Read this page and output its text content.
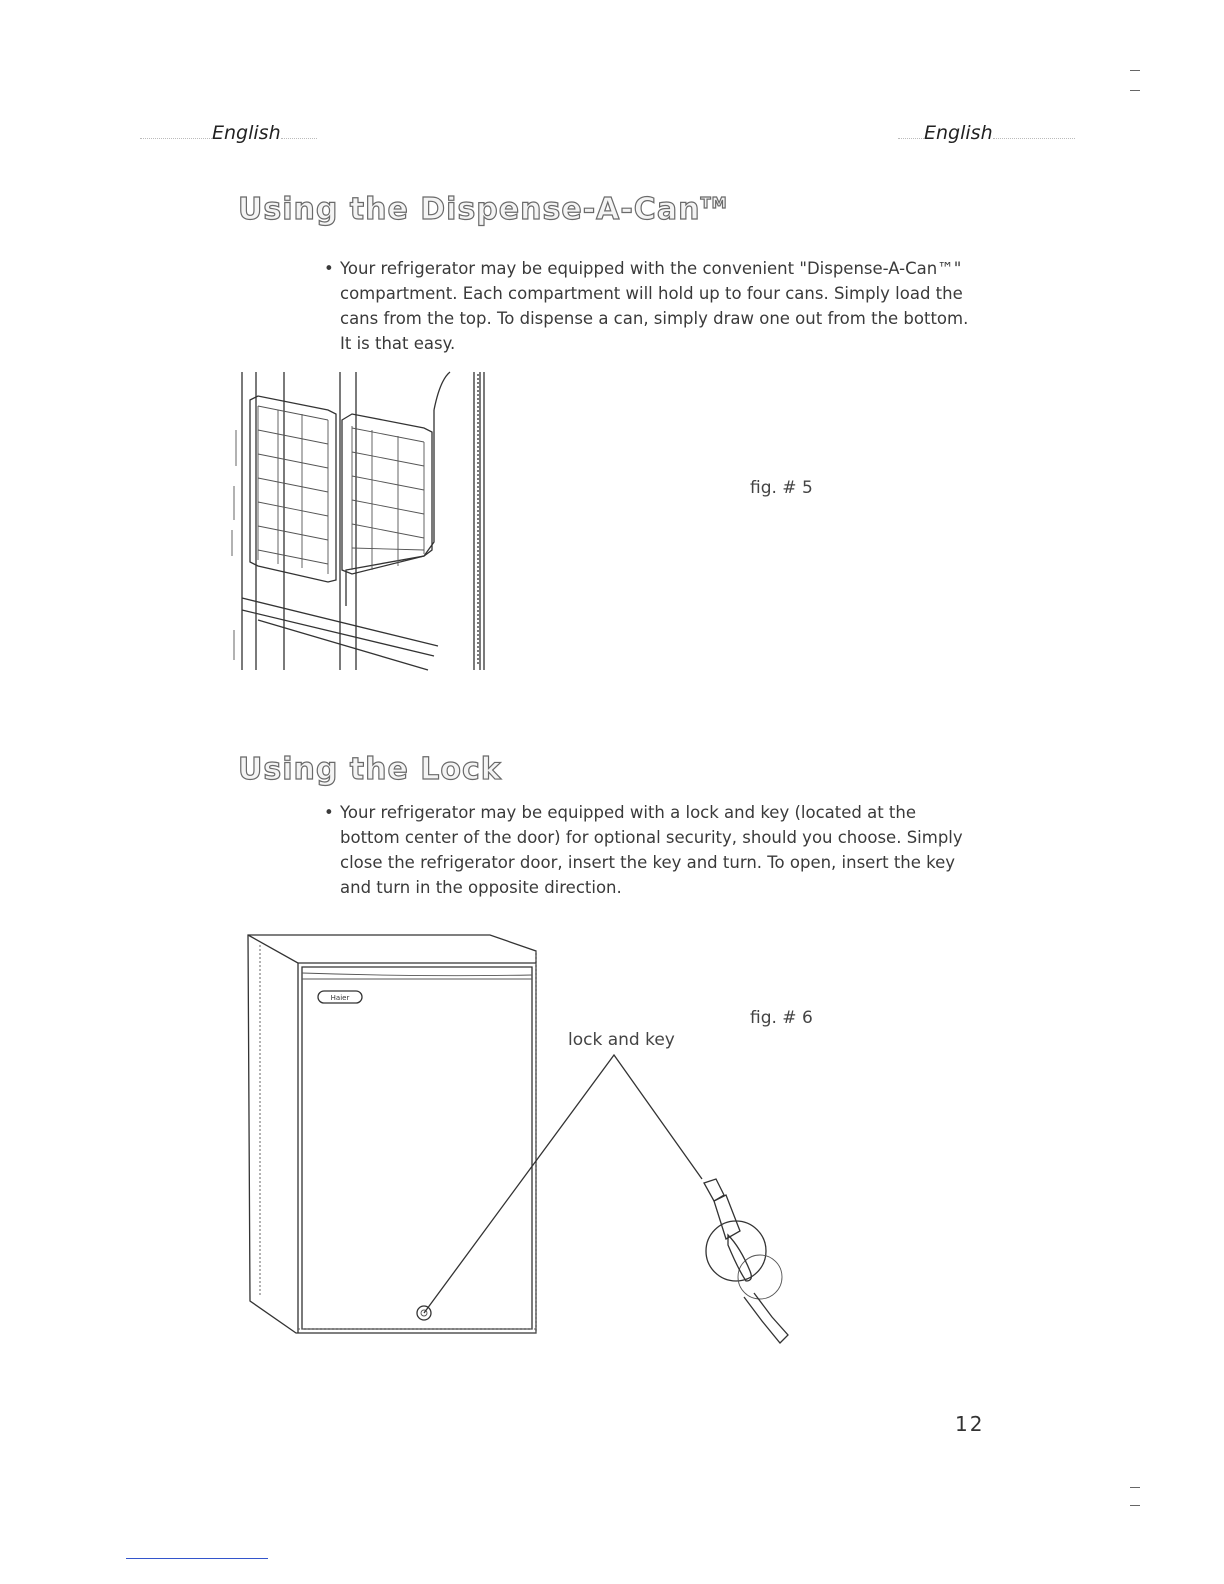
English	English
Using the Dispense-A-Can™
• Your refrigerator may be equipped with the convenient "Dispense-A-Can™" compartment. Each compartment will hold up to four cans. Simply load the cans from the top. To dispense a can, simply draw one out from the bottom. It is that easy.
fig. # 5
Using the Lock
• Your refrigerator may be equipped with a lock and key (located at the bottom center of the door) for optional security, should you choose. Simply close the refrigerator door, insert the key and turn. To open, insert the key and turn in the opposite direction.
Haier
fig. # 6
lock and key
12
